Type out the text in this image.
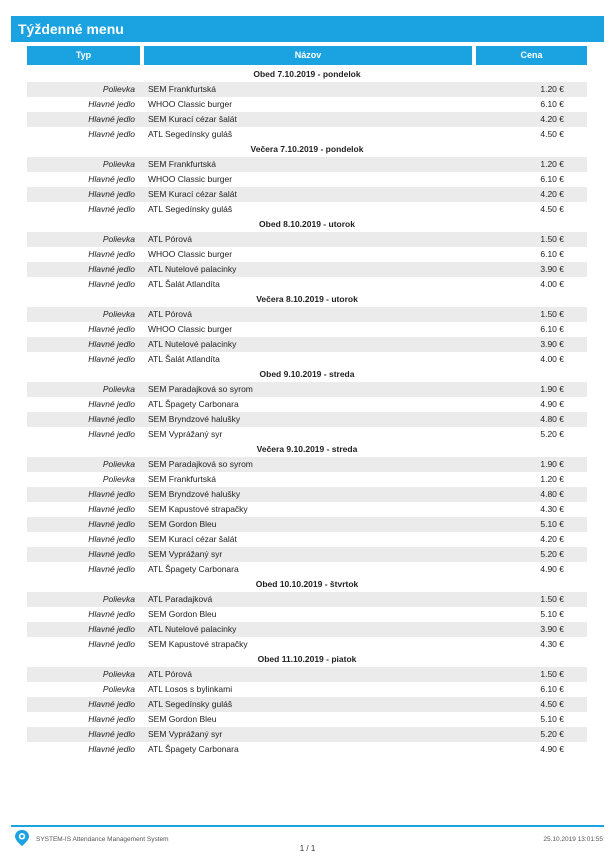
Týždenné menu
Typ	Názov	Cena
Obed 7.10.2019 - pondelok
Polievka SEM Frankfurtská	1.20 €
Hlavné jedlo WHOO Classic burger	6.10 €
Hlavné jedlo SEM Kurací cézar šalát	4.20 €
Hlavné jedlo ATL Segedínsky guláš	4.50 €
Večera 7.10.2019 - pondelok
Polievka SEM Frankfurtská	1.20 €
Hlavné jedlo WHOO Classic burger	6.10 €
Hlavné jedlo SEM Kurací cézar šalát	4.20 €
Hlavné jedlo ATL Segedínsky guláš	4.50 €
Obed 8.10.2019 - utorok
Polievka ATL Pórová	1.50 €
Hlavné jedlo WHOO Classic burger	6.10 €
Hlavné jedlo ATL Nutelové palacinky	3.90 €
Hlavné jedlo ATL Šalát Atlandíta	4.00 €
Večera 8.10.2019 - utorok
Polievka ATL Pórová	1.50 €
Hlavné jedlo WHOO Classic burger	6.10 €
Hlavné jedlo ATL Nutelové palacinky	3.90 €
Hlavné jedlo ATL Šalát Atlandíta	4.00 €
Obed 9.10.2019 - streda
Polievka SEM Paradajková so syrom	1.90 €
Hlavné jedlo ATL Špagety Carbonara	4.90 €
Hlavné jedlo SEM Bryndzové halušky	4.80 €
Hlavné jedlo SEM Vyprážaný syr	5.20 €
Večera 9.10.2019 - streda
Polievka SEM Paradajková so syrom	1.90 €
Polievka SEM Frankfurtská	1.20 €
Hlavné jedlo SEM Bryndzové halušky	4.80 €
Hlavné jedlo SEM Kapustové strapačky	4.30 €
Hlavné jedlo SEM Gordon Bleu	5.10 €
Hlavné jedlo SEM Kurací cézar šalát	4.20 €
Hlavné jedlo SEM Vyprážaný syr	5.20 €
Hlavné jedlo ATL Špagety Carbonara	4.90 €
Obed 10.10.2019 - štvrtok
Polievka ATL Paradajková	1.50 €
Hlavné jedlo SEM Gordon Bleu	5.10 €
Hlavné jedlo ATL Nutelové palacinky	3.90 €
Hlavné jedlo SEM Kapustové strapačky	4.30 €
Obed 11.10.2019 - piatok
Polievka ATL Pórová	1.50 €
Polievka ATL Losos s bylinkami	6.10 €
Hlavné jedlo ATL Segedínsky guláš	4.50 €
Hlavné jedlo SEM Gordon Bleu	5.10 €
Hlavné jedlo SEM Vyprážaný syr	5.20 €
Hlavné jedlo ATL Špagety Carbonara	4.90 €
SYSTEM-IS Attendance Management System	25.10.2019 13:01:55
1 / 1
